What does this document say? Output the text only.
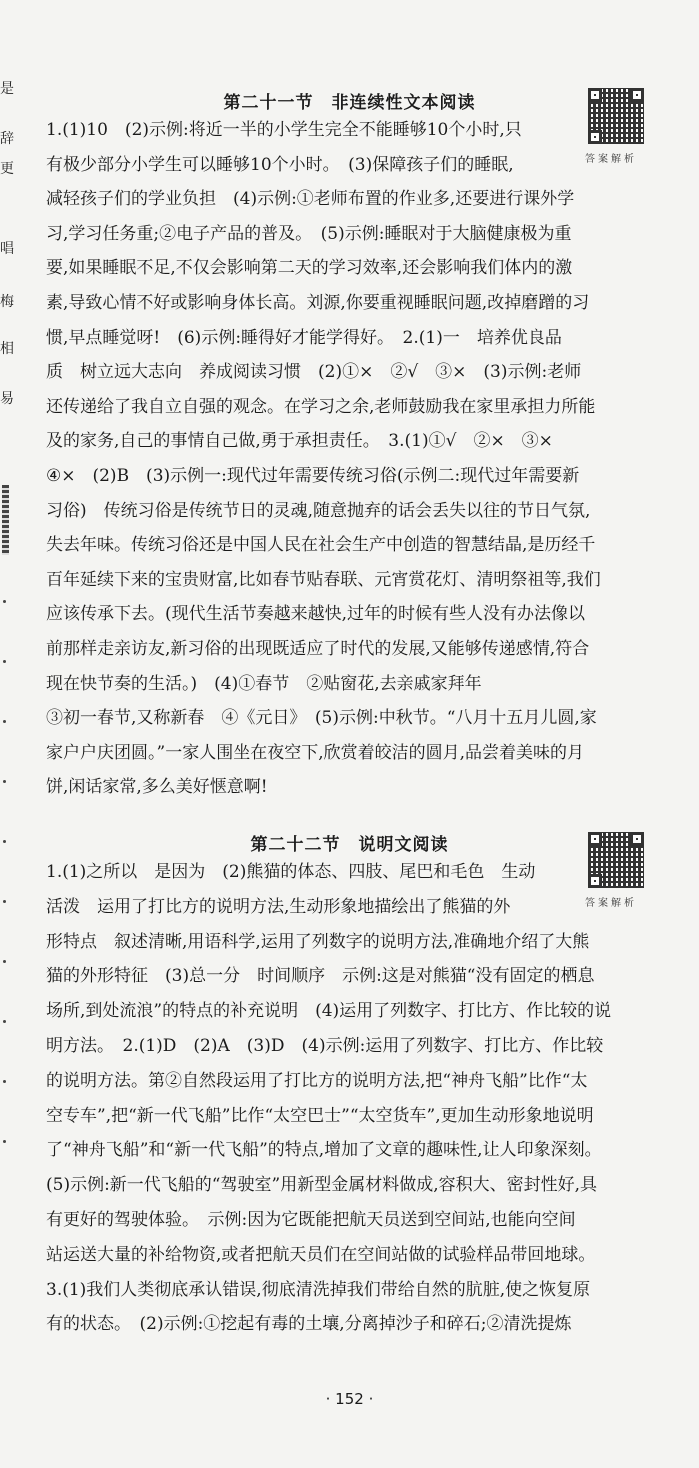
是
辞
更
唱
梅
相
易
第二十一节　非连续性文本阅读
答案解析
1.(1)10　(2)示例:将近一半的小学生完全不能睡够10个小时,只
有极少部分小学生可以睡够10个小时。　(3)保障孩子们的睡眠,
减轻孩子们的学业负担　(4)示例:①老师布置的作业多,还要进行课外学
习,学习任务重;②电子产品的普及。　(5)示例:睡眠对于大脑健康极为重
要,如果睡眠不足,不仅会影响第二天的学习效率,还会影响我们体内的激
素,导致心情不好或影响身体长高。刘源,你要重视睡眠问题,改掉磨蹭的习
惯,早点睡觉呀!　(6)示例:睡得好才能学得好。　2.(1)一　培养优良品
质　树立远大志向　养成阅读习惯　(2)①×　②√　③×　(3)示例:老师
还传递给了我自立自强的观念。在学习之余,老师鼓励我在家里承担力所能
及的家务,自己的事情自己做,勇于承担责任。　3.(1)①√　②×　③×
④×　(2)B　(3)示例一:现代过年需要传统习俗(示例二:现代过年需要新
习俗)　传统习俗是传统节日的灵魂,随意抛弃的话会丢失以往的节日气氛,
失去年味。传统习俗还是中国人民在社会生产中创造的智慧结晶,是历经千
百年延续下来的宝贵财富,比如春节贴春联、元宵赏花灯、清明祭祖等,我们
应该传承下去。(现代生活节奏越来越快,过年的时候有些人没有办法像以
前那样走亲访友,新习俗的出现既适应了时代的发展,又能够传递感情,符合
现在快节奏的生活。)　(4)①春节　②贴窗花,去亲戚家拜年
③初一春节,又称新春　④《元日》　(5)示例:中秋节。“八月十五月儿圆,家
家户户庆团圆。”一家人围坐在夜空下,欣赏着皎洁的圆月,品尝着美味的月
饼,闲话家常,多么美好惬意啊!
第二十二节　说明文阅读
答案解析
1.(1)之所以　是因为　(2)熊猫的体态、四肢、尾巴和毛色　生动
活泼　运用了打比方的说明方法,生动形象地描绘出了熊猫的外
形特点　叙述清晰,用语科学,运用了列数字的说明方法,准确地介绍了大熊
猫的外形特征　(3)总一分　时间顺序　示例:这是对熊猫“没有固定的栖息
场所,到处流浪”的特点的补充说明　(4)运用了列数字、打比方、作比较的说
明方法。　2.(1)D　(2)A　(3)D　(4)示例:运用了列数字、打比方、作比较
的说明方法。第②自然段运用了打比方的说明方法,把“神舟飞船”比作“太
空专车”,把“新一代飞船”比作“太空巴士”“太空货车”,更加生动形象地说明
了“神舟飞船”和“新一代飞船”的特点,增加了文章的趣味性,让人印象深刻。
(5)示例:新一代飞船的“驾驶室”用新型金属材料做成,容积大、密封性好,具
有更好的驾驶体验。　示例:因为它既能把航天员送到空间站,也能向空间
站运送大量的补给物资,或者把航天员们在空间站做的试验样品带回地球。
3.(1)我们人类彻底承认错误,彻底清洗掉我们带给自然的肮脏,使之恢复原
有的状态。　(2)示例:①挖起有毒的土壤,分离掉沙子和碎石;②清洗提炼
· 152 ·
